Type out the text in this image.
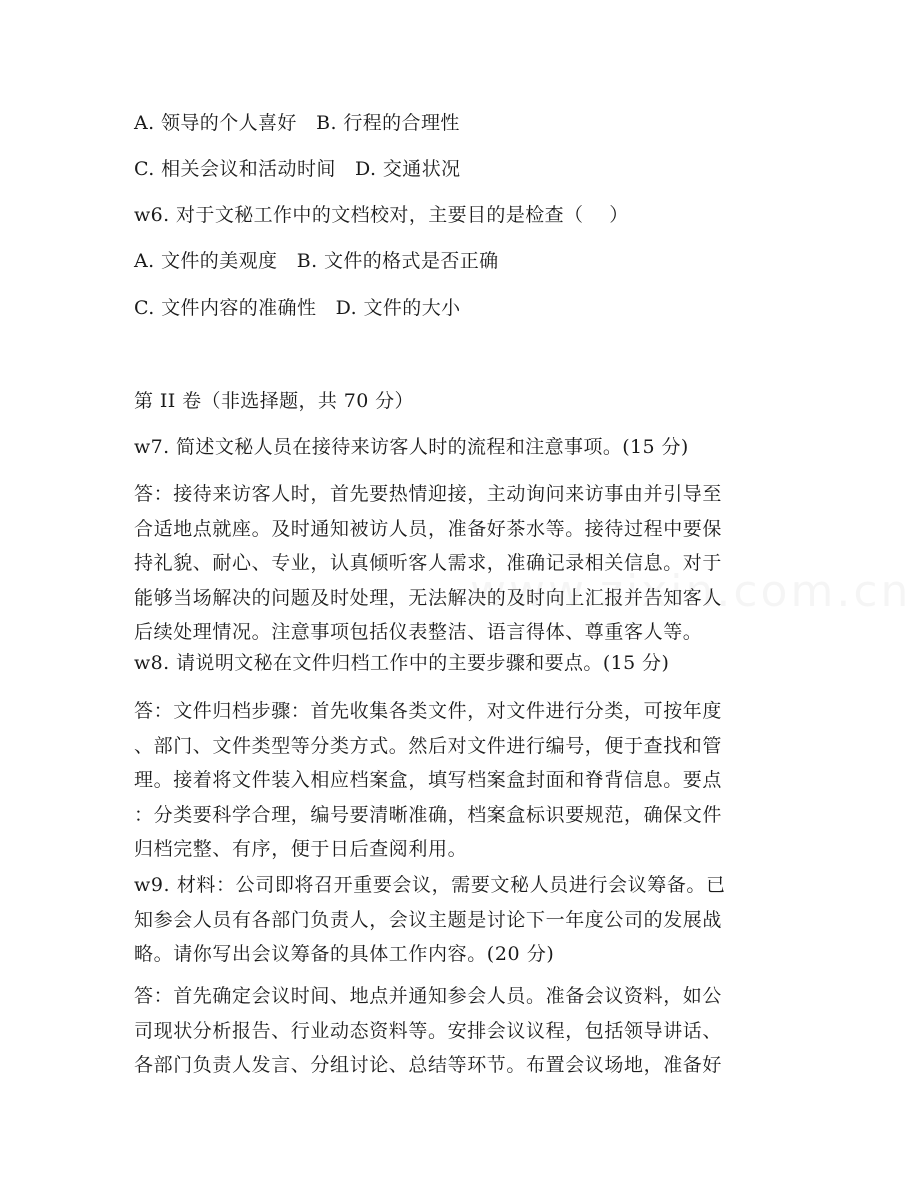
A. 领导的个人喜好   B. 行程的合理性
C. 相关会议和活动时间   D. 交通状况
w6. 对于文秘工作中的文档校对，主要目的是检查（    ）
A. 文件的美观度   B. 文件的格式是否正确
C. 文件内容的准确性   D. 文件的大小
第 II 卷（非选择题，共 70 分）
w7. 简述文秘人员在接待来访客人时的流程和注意事项。(15 分)
答：接待来访客人时，首先要热情迎接，主动询问来访事由并引导至
合适地点就座。及时通知被访人员，准备好茶水等。接待过程中要保
持礼貌、耐心、专业，认真倾听客人需求，准确记录相关信息。对于
能够当场解决的问题及时处理，无法解决的及时向上汇报并告知客人
后续处理情况。注意事项包括仪表整洁、语言得体、尊重客人等。
w8. 请说明文秘在文件归档工作中的主要步骤和要点。(15 分)
答：文件归档步骤：首先收集各类文件，对文件进行分类，可按年度
、部门、文件类型等分类方式。然后对文件进行编号，便于查找和管
理。接着将文件装入相应档案盒，填写档案盒封面和脊背信息。要点
：分类要科学合理，编号要清晰准确，档案盒标识要规范，确保文件
归档完整、有序，便于日后查阅利用。
w9. 材料：公司即将召开重要会议，需要文秘人员进行会议筹备。已
知参会人员有各部门负责人，会议主题是讨论下一年度公司的发展战
略。请你写出会议筹备的具体工作内容。(20 分)
答：首先确定会议时间、地点并通知参会人员。准备会议资料，如公
司现状分析报告、行业动态资料等。安排会议议程，包括领导讲话、
各部门负责人发言、分组讨论、总结等环节。布置会议场地，准备好
